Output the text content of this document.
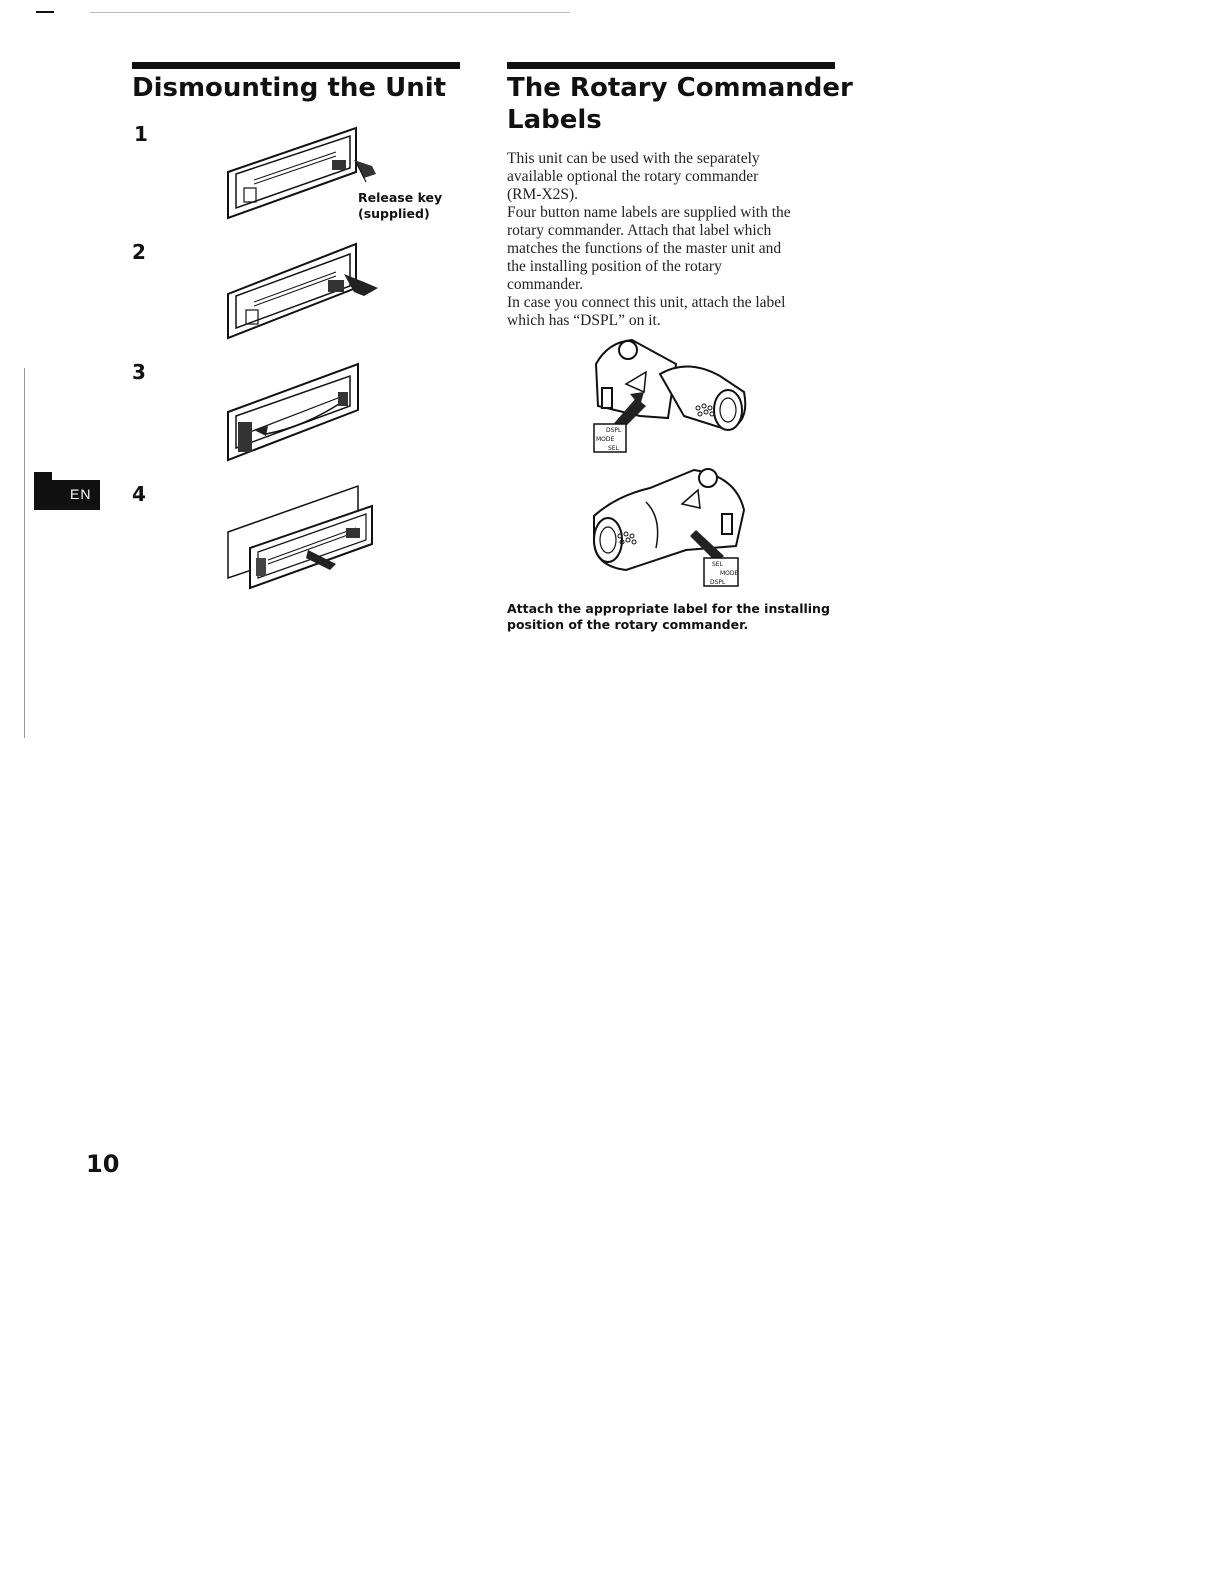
EN
Dismounting the Unit
1
2
3
4
Release key
(supplied)
The Rotary Commander
Labels
This unit can be used with the separately
available optional the rotary commander
(RM-X2S).
Four button name labels are supplied with the
rotary commander. Attach that label which
matches the functions of the master unit and
the installing position of the rotary
commander.
In case you connect this unit, attach the label
which has “DSPL” on it.
DSPL
MODE
SEL
SEL
MODE
DSPL
Attach the appropriate label for the installing
position of the rotary commander.
10
